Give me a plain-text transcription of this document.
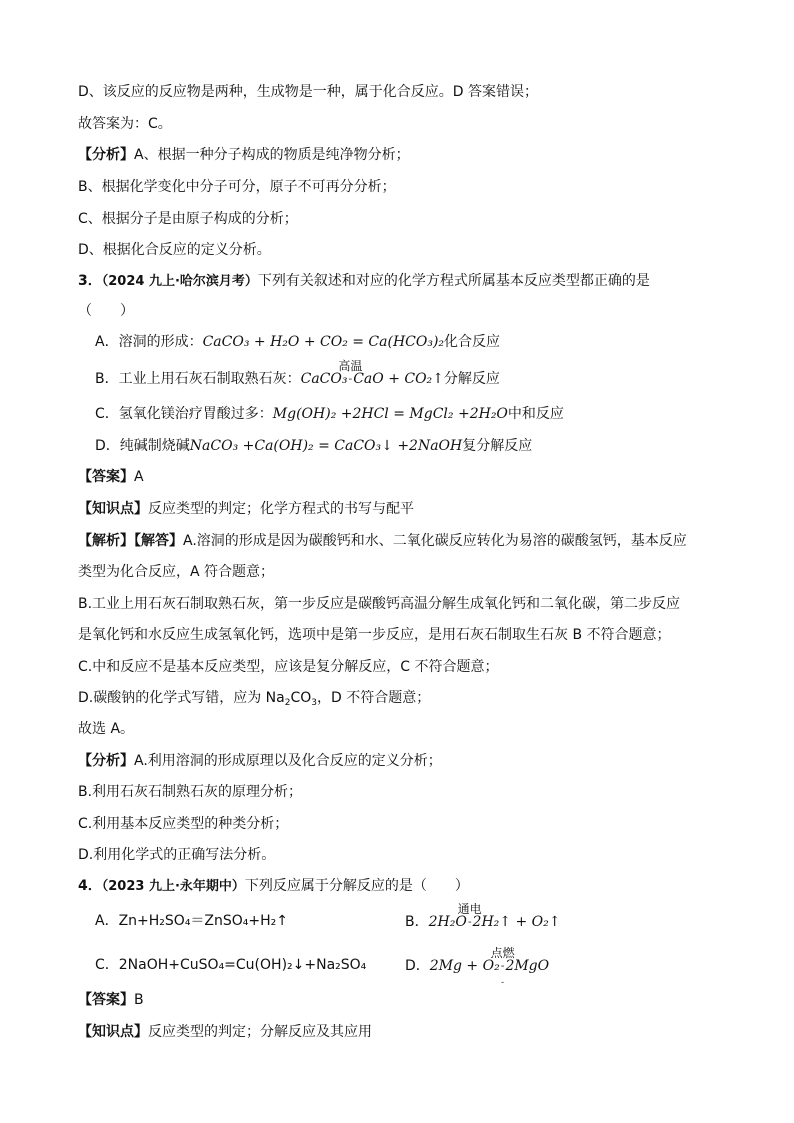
D、该反应的反应物是两种，生成物是一种，属于化合反应。D 答案错误；
故答案为：C。
【分析】A、根据一种分子构成的物质是纯净物分析；
B、根据化学变化中分子可分，原子不可再分分析；
C、根据分子是由原子构成的分析；
D、根据化合反应的定义分析。
3．（2024 九上·哈尔滨月考）下列有关叙述和对应的化学方程式所属基本反应类型都正确的是
（　　）
A．溶洞的形成：CaCO₃ + H₂O + CO₂ = Ca(HCO₃)₂化合反应
B．工业上用石灰石制取熟石灰：CaCO₃
高温
-CaO + CO₂↑分解反应
C．氢氧化镁治疗胃酸过多：Mg(OH)₂ +2HCl = MgCl₂ +2H₂O中和反应
D．纯碱制烧碱NaCO₃ +Ca(OH)₂ = CaCO₃↓ +2NaOH复分解反应
【答案】A
【知识点】反应类型的判定；化学方程式的书写与配平
【解析】【解答】A.溶洞的形成是因为碳酸钙和水、二氧化碳反应转化为易溶的碳酸氢钙，基本反应
类型为化合反应，A 符合题意；
B.工业上用石灰石制取熟石灰，第一步反应是碳酸钙高温分解生成氧化钙和二氧化碳，第二步反应
是氧化钙和水反应生成氢氧化钙，选项中是第一步反应，是用石灰石制取生石灰 B 不符合题意；
C.中和反应不是基本反应类型，应该是复分解反应，C 不符合题意；
D.碳酸钠的化学式写错，应为 $Na_2CO_3$，D 不符合题意；
故选 A。
【分析】A.利用溶洞的形成原理以及化合反应的定义分析；
B.利用石灰石制熟石灰的原理分析；
C.利用基本反应类型的种类分析；
D.利用化学式的正确写法分析。
4．（2023 九上·永年期中）下列反应属于分解反应的是（　　）
A．Zn+H₂SO₄＝ZnSO₄+H₂↑	B．2H₂O
通电
-2H₂↑ + O₂↑
C．2NaOH+CuSO₄=Cu(OH)₂↓+Na₂SO₄	D．2Mg + O₂
点燃
-
-
2MgO
【答案】B
【知识点】反应类型的判定；分解反应及其应用
